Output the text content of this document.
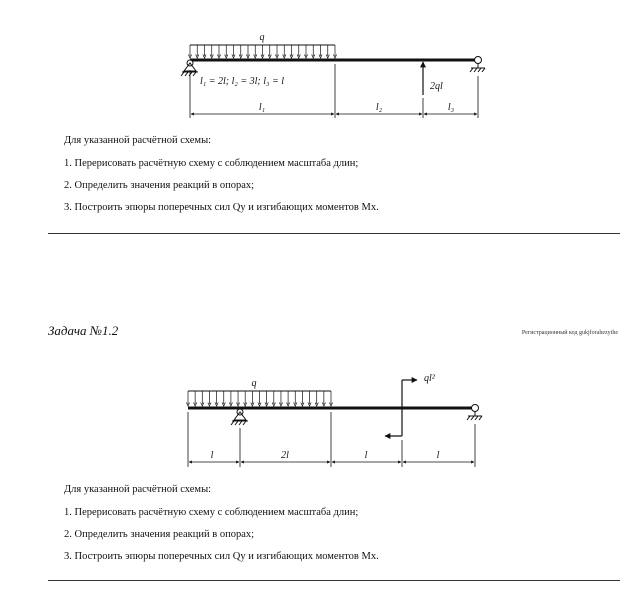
q
2ql
l₁ = 2l; l₂ = 3l; l₃ = l
l₁	l₂	l₃
Для указанной расчётной схемы:
1. Перерисовать расчётную схему с соблюдением масштаба длин;
2. Определить значения реакций в опорах;
3. Построить эпюры поперечных сил Qy и изгибающих моментов Mx.
Задача №1.2	Регистрационный код gukjforahezythe
q	ql²
l	2l	l	l
Для указанной расчётной схемы:
1. Перерисовать расчётную схему с соблюдением масштаба длин;
2. Определить значения реакций в опорах;
3. Построить эпюры поперечных сил Qy и изгибающих моментов Mx.
